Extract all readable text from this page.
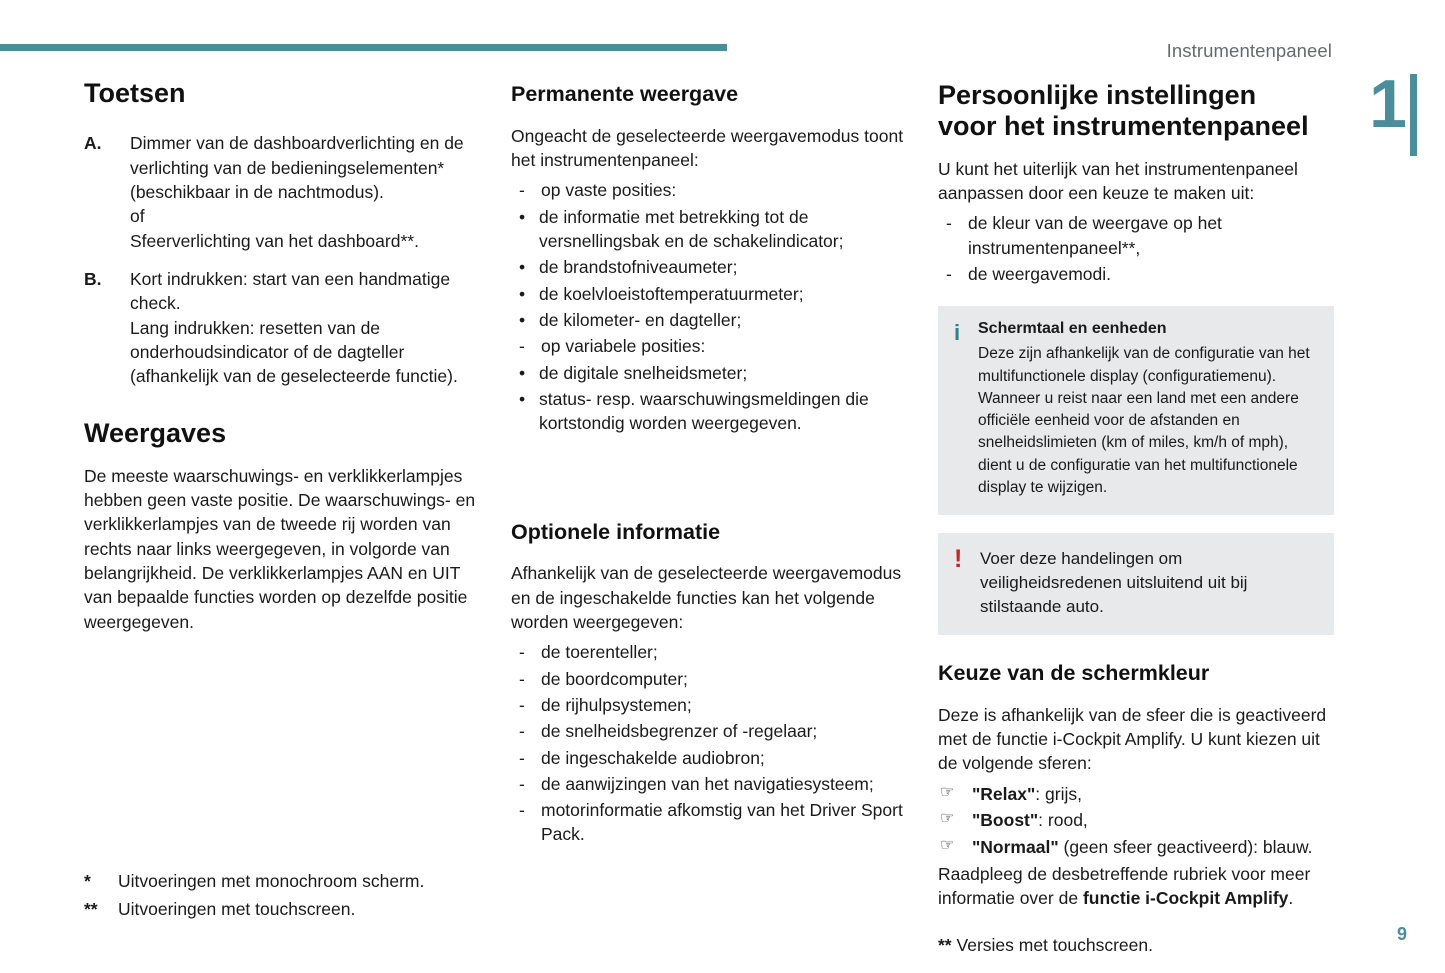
Instrumentenpaneel
1
9
Toetsen
A.	Dimmer van de dashboardverlichting en de verlichting van de bedieningselementen* (beschikbaar in de nachtmodus).
of
Sfeerverlichting van het dashboard**.
B.	Kort indrukken: start van een handmatige check.
Lang indrukken: resetten van de onderhoudsindicator of de dagteller (afhankelijk van de geselecteerde functie).
Weergaves

De meeste waarschuwings- en verklikkerlampjes hebben geen vaste positie. De waarschuwings- en verklikkerlampjes van de tweede rij worden van rechts naar links weergegeven, in volgorde van belangrijkheid. De verklikkerlampjes AAN en UIT van bepaalde functies worden op dezelfde positie weergegeven.

Permanente weergave

Ongeacht de geselecteerde weergavemodus toont het instrumentenpaneel:

- op vaste posities:
• de informatie met betrekking tot de versnellingsbak en de schakelindicator;
• de brandstofniveaumeter;
• de koelvloeistoftemperatuurmeter;
• de kilometer- en dagteller;
- op variabele posities:
• de digitale snelheidsmeter;
• status- resp. waarschuwingsmeldingen die kortstondig worden weergegeven.
Optionele informatie

Afhankelijk van de geselecteerde weergavemodus en de ingeschakelde functies kan het volgende worden weergegeven:

- de toerenteller;
- de boordcomputer;
- de rijhulpsystemen;
- de snelheidsbegrenzer of -regelaar;
- de ingeschakelde audiobron;
- de aanwijzingen van het navigatiesysteem;
- motorinformatie afkomstig van het Driver Sport Pack.
Persoonlijke instellingen
voor het instrumentenpaneel

U kunt het uiterlijk van het instrumentenpaneel aanpassen door een keuze te maken uit:

- de kleur van de weergave op het instrumentenpaneel**,
- de weergavemodi.
i	Schermtaal en eenheden
Deze zijn afhankelijk van de configuratie van het multifunctionele display (configuratiemenu). Wanneer u reist naar een land met een andere officiële eenheid voor de afstanden en snelheidslimieten (km of miles, km/h of mph), dient u de configuratie van het multifunctionele display te wijzigen.
!	Voer deze handelingen om veiligheidsredenen uitsluitend uit bij stilstaande auto.
Keuze van de schermkleur

Deze is afhankelijk van de sfeer die is geactiveerd met de functie i-Cockpit Amplify. U kunt kiezen uit de volgende sferen:

☞ "Relax": grijs,
☞ "Boost": rood,
☞ "Normaal" (geen sfeer geactiveerd): blauw.

Raadpleeg de desbetreffende rubriek voor meer informatie over de functie i-Cockpit Amplify.

** Versies met touchscreen.

*	Uitvoeringen met monochroom scherm.
**	Uitvoeringen met touchscreen.
